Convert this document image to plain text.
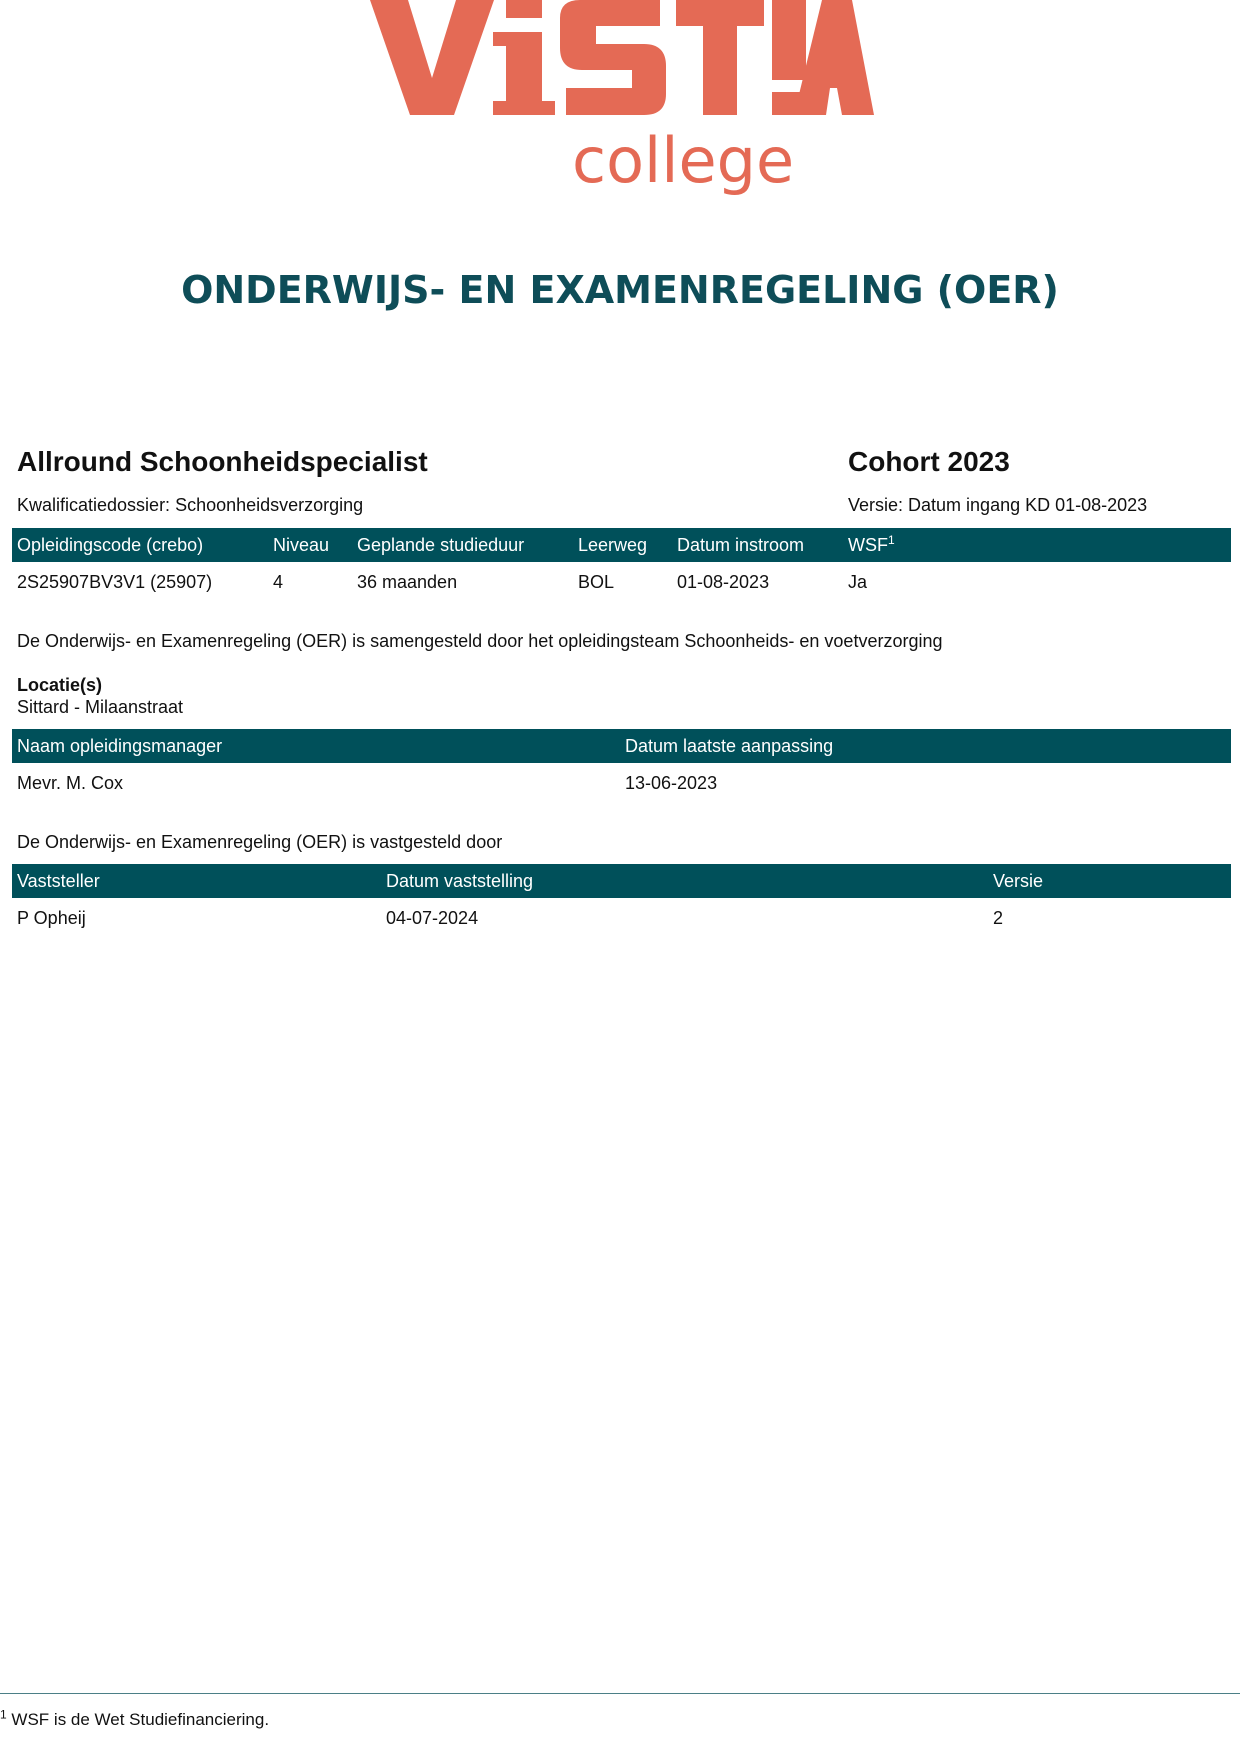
college
ONDERWIJS- EN EXAMENREGELING (OER)
Allround Schoonheidspecialist	Cohort 2023
Kwalificatiedossier: Schoonheidsverzorging	Versie: Datum ingang KD 01-08-2023
Opleidingscode (crebo)	Niveau	Geplande studieduur	Leerweg	Datum instroom	WSF$^1$
2S25907BV3V1 (25907)	4	36 maanden	BOL	01-08-2023	Ja
De Onderwijs- en Examenregeling (OER) is samengesteld door het opleidingsteam Schoonheids- en voetverzorging
Locatie(s)
Sittard - Milaanstraat
Naam opleidingsmanager	Datum laatste aanpassing
Mevr. M. Cox	13-06-2023
De Onderwijs- en Examenregeling (OER) is vastgesteld door
Vaststeller	Datum vaststelling	Versie
P Opheij	04-07-2024	2
$^1$ WSF is de Wet Studiefinanciering.
